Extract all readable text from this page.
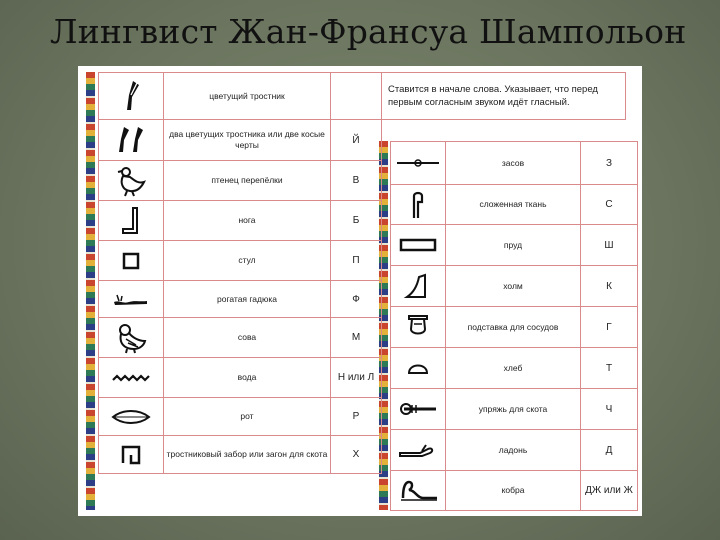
Лингвист Жан-Франсуа Шампольон
	цветущий тростник		Ставится в начале слова. Указывает, что перед первым согласным звуком идёт гласный.

	два цветущих тростника или две косые черты	Й	

	птенец перепёлки	В	

	нога	Б	

	стул	П	

	рогатая гадюка	Ф	

	сова	М	

	вода	Н или Л	

	рот	Р	

	тростниковый забор или загон для скота	Х	
	засов	З

	сложенная ткань	С

	пруд	Ш

	холм	К

	подставка для сосудов	Г

	хлеб	Т

	упряжь для скота	Ч

	ладонь	Д

	кобра	ДЖ или Ж
